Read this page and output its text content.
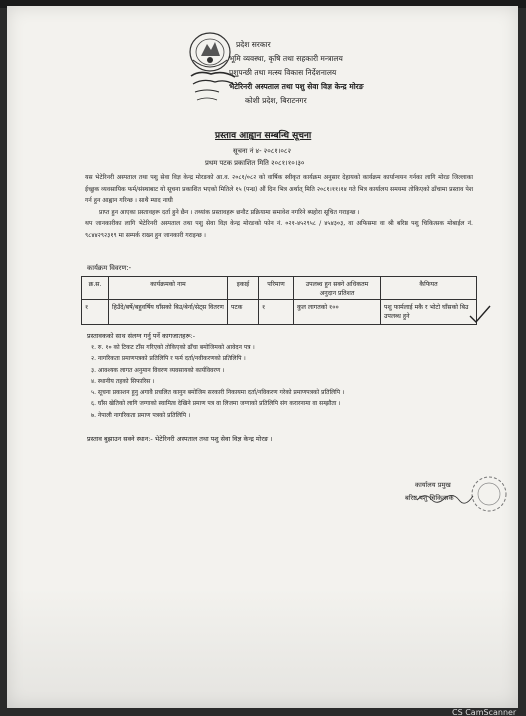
प्रदेश सरकार
भूमि व्यवस्था, कृषि तथा सहकारी मन्त्रालय
पशुपन्छी तथा मत्स्य विकास निर्देशनालय
भेटेरिनरी अस्पताल तथा पशु सेवा विज्ञ केन्द्र मोरङ
कोशी प्रदेश, बिराटनगर
प्रस्ताव आह्वान सम्बन्धि सूचना
सूचना नं ४- २०८१।०८२
प्रथम पटक प्रकाशित मिति २०८१।१०।३०

यस भेटेरिनरी अस्पताल तथा पशु सेवा विज्ञ केन्द्र मोरङको आ.व. २०८१/०८२ को वार्षिक स्वीकृत कार्यक्रम अनुसार देहायको कार्यक्रम कार्यान्वयन गर्नका लागि मोरङ जिल्लाका ईच्छुक व्यवसायिक फर्म/संस्थाबाट यो सूचना प्रकाशित भएको मितिले १५ (पन्ध्र) औं दिन भित्र अर्थात् मिति २०८१।११।१४ गते भित्र कार्यालय समयमा तोकिएको ढाँचामा प्रस्ताव पेश गर्न हुन आह्वान गरिन्छ । साथै म्याद नाघी

प्राप्त हुन आएका प्रस्तावहरू दर्ता हुने छैन । तथ्यांक प्रस्तावहरू छनौट प्रक्रियामा समावेश नगरिने ब्यहोरा सूचित गराइन्छ ।

थप जानकारीका लागि भेटेरिनरी अस्पताल तथा पशु सेवा विज्ञ केन्द्र मोरङको फोन नं. ०२१-४५२९५८ / ४५४३०३, वा अफिसमा वा श्री बरिष्ठ पशु चिकित्सक मोबाईल नं. ९८४४२९२३१९ मा सम्पर्क राख्न हुन जानकारी गराइन्छ ।

कार्यक्रम विवरण:-
क्र.स.	कार्यक्रमको नाम	इकाई	परिमाण	उपलब्ध हुन सक्ने अधिकतम अनुदान प्रतिशत	कैफियत
१	हिउँदे/बर्षे/बहुवर्षिय घाँसको बिउ/बेर्ना/सेट्स वितरण	पटक	१	कुल लागतको १००	पशु फार्मलाई मकै र भोटो घाँसको बिउ उपलब्ध हुने
प्रस्तावकको साथ संलग्न गर्नु पर्ने कागजातहरू:-
१. रु. १० को टिकट टाँस गरिएको तोकिएको ढाँचा बमोजिमको आवेदन पत्र ।
२. नागरिकता प्रमाणपत्रको प्रतिलिपि र फर्म दर्ता/नवीकरणको प्रतिलिपि ।
३. आवश्यक लागत अनुमान विवरण व्यवसायको कार्यविवरण ।
४. स्थानीय तहको सिफारिस ।
५. सूचना प्रकाशन हुनु अगावै प्रचलित कानुन बमोजिम सरकारी निकायमा दर्ता/नविकरण गरेको प्रमाणपत्रको प्रतिलिपि ।
६. घाँस खेतिको लागि जग्गाको स्वामित्व देखिने प्रमाण पत्र वा लिजमा जग्गाको प्रतिलिपि संग करारनामा वा सम्झौता ।
७. नेपाली नागरिकता प्रमाण पत्रको प्रतिलिपि ।
प्रस्ताव बुझाउन सक्ने स्थान:- भेटेरिनरी अस्पताल तथा पशु सेवा विज्ञ केन्द्र मोरङ ।
कार्यालय प्रमुख
बरिष्ठ पशु चिकित्सक
CS CamScanner
